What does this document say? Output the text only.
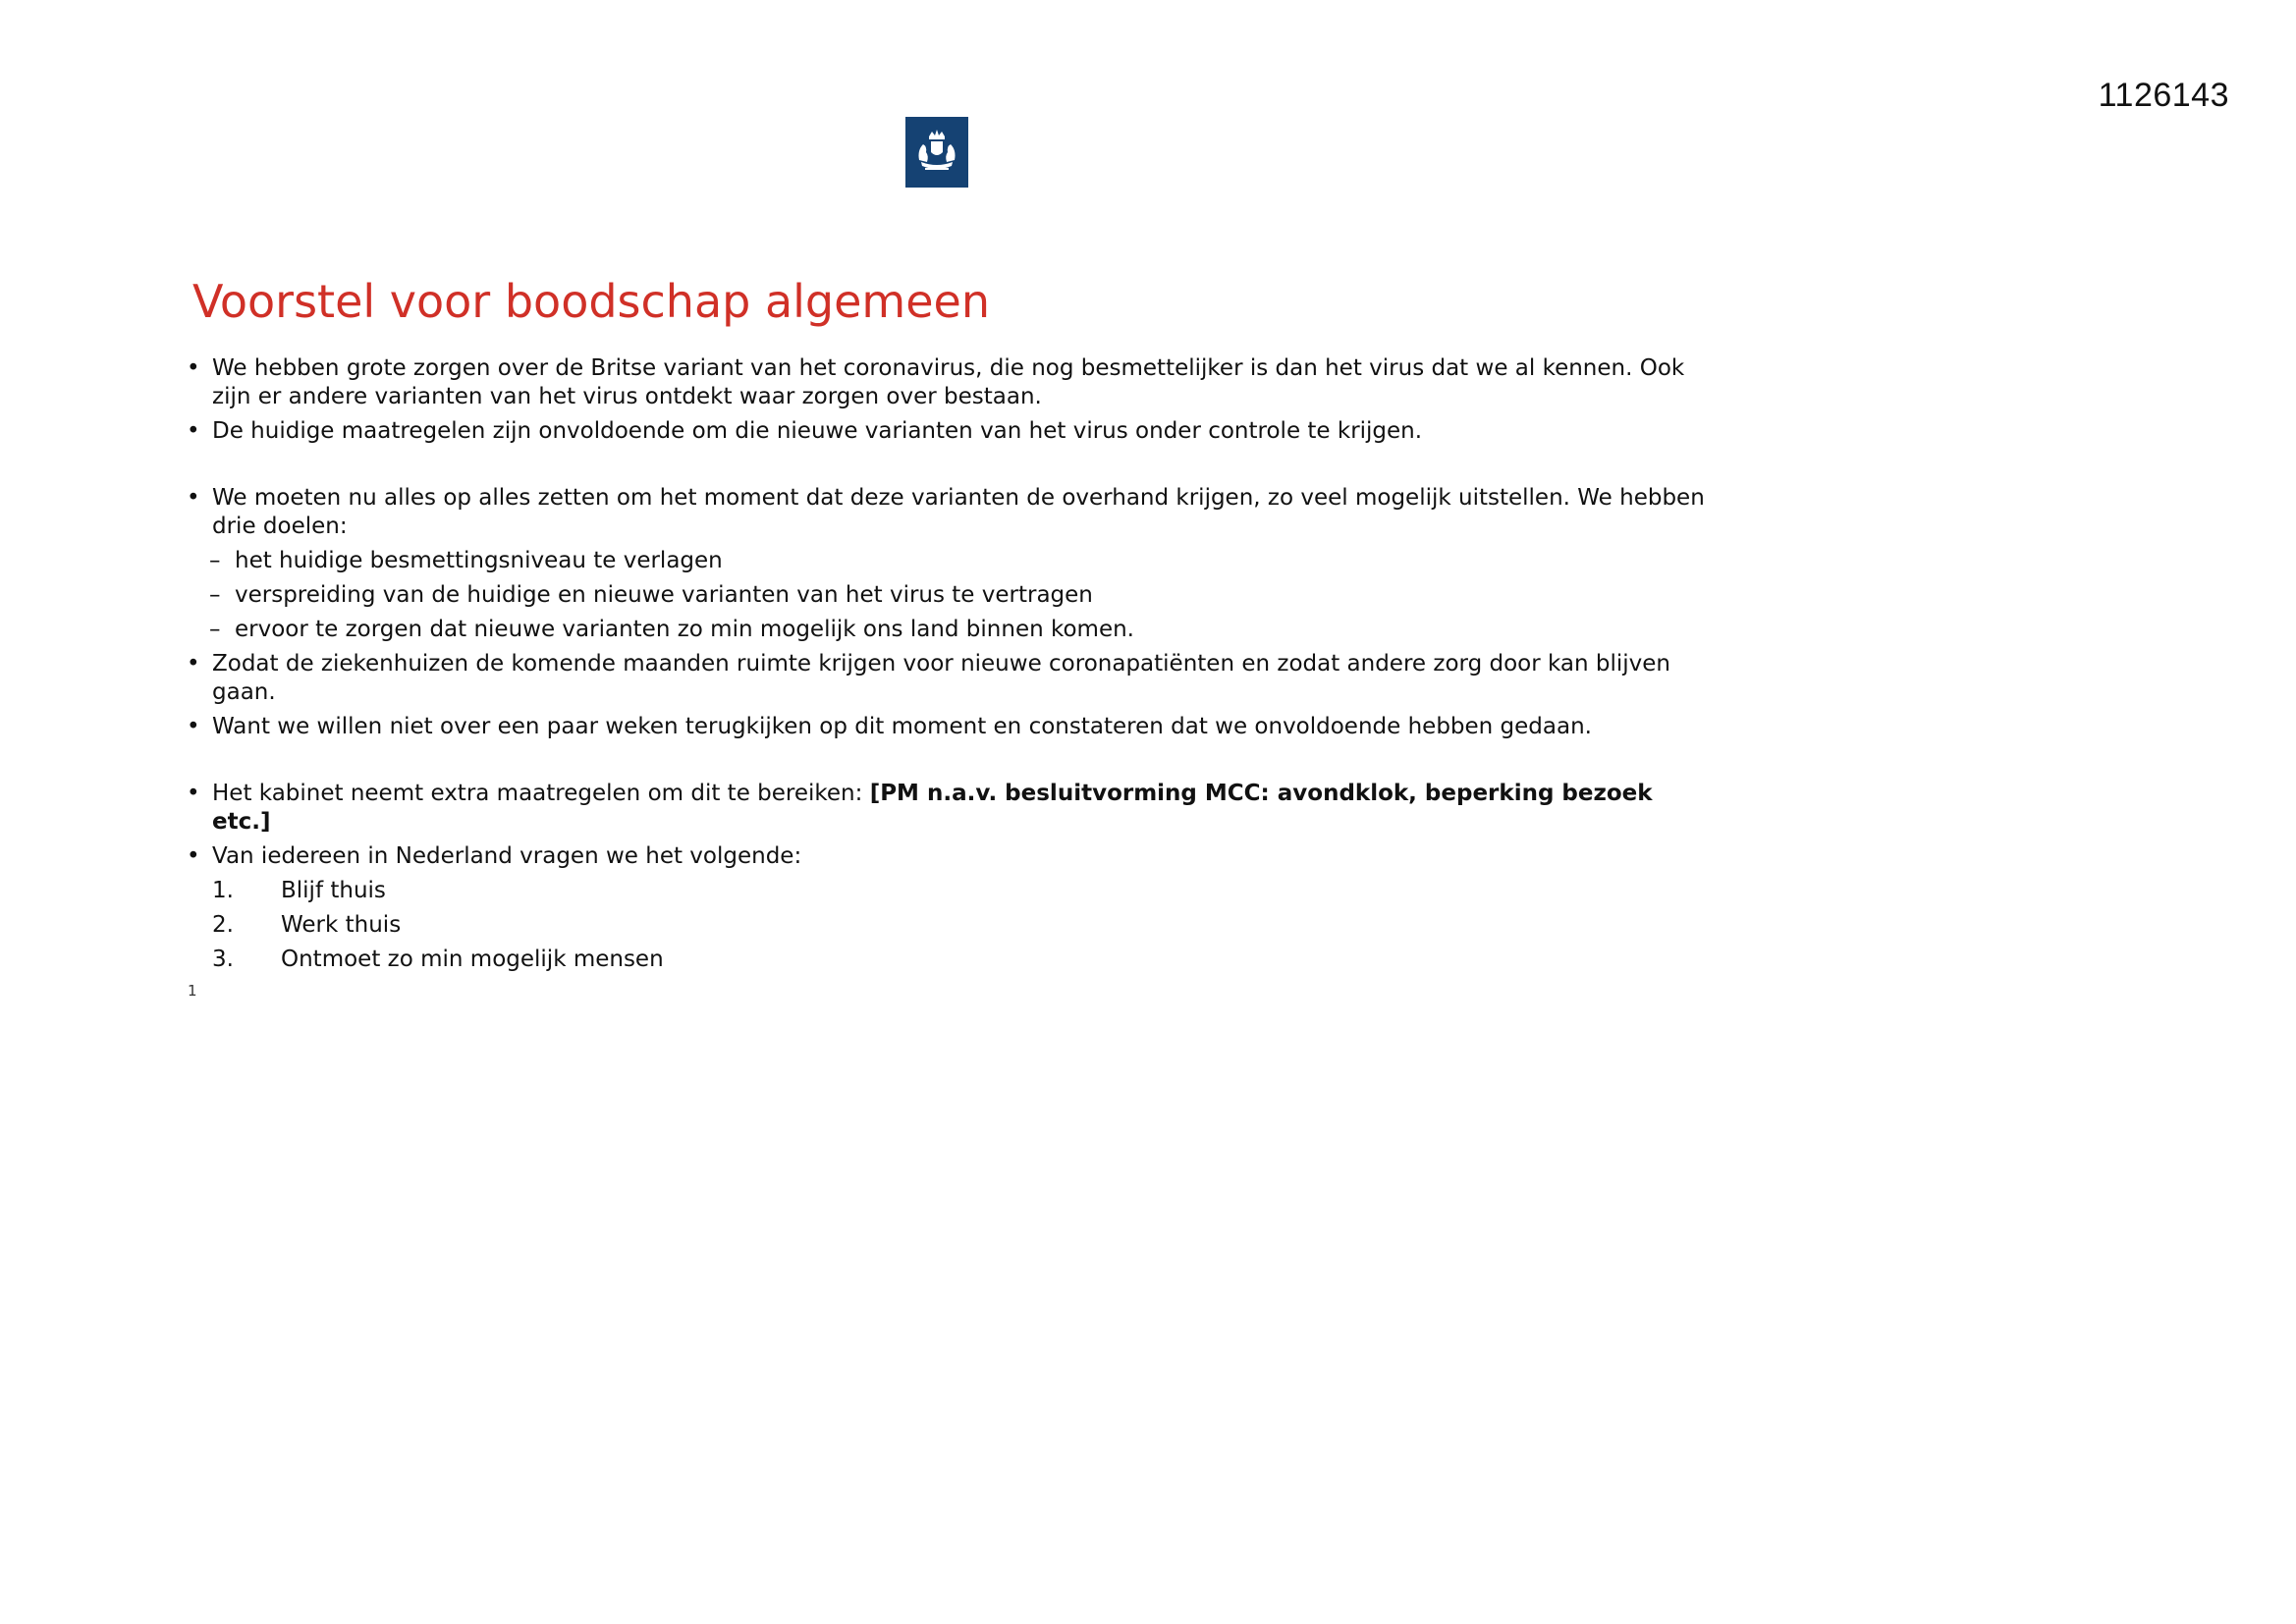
1126143
Voorstel voor boodschap algemeen
•
We hebben grote zorgen over de Britse variant van het coronavirus, die nog besmettelijker is dan het virus dat we al kennen. Ook zijn er andere varianten van het virus ontdekt waar zorgen over bestaan.
•
De huidige maatregelen zijn onvoldoende om die nieuwe varianten van het virus onder controle te krijgen.
•
We moeten nu alles op alles zetten om het moment dat deze varianten de overhand krijgen, zo veel mogelijk uitstellen. We hebben drie doelen:
–
het huidige besmettingsniveau te verlagen
–
verspreiding van de huidige en nieuwe varianten van het virus te vertragen
–
ervoor te zorgen dat nieuwe varianten zo min mogelijk ons land binnen komen.
•
Zodat de ziekenhuizen de komende maanden ruimte krijgen voor nieuwe coronapatiënten en zodat andere zorg door kan blijven gaan.
•
Want we willen niet over een paar weken terugkijken op dit moment en constateren dat we onvoldoende hebben gedaan.
•
Het kabinet neemt extra maatregelen om dit te bereiken: [PM n.a.v. besluitvorming MCC: avondklok, beperking bezoek etc.]
•
Van iedereen in Nederland vragen we het volgende:
1.	Blijf thuis
2.	Werk thuis
3.	Ontmoet zo min mogelijk mensen
1
